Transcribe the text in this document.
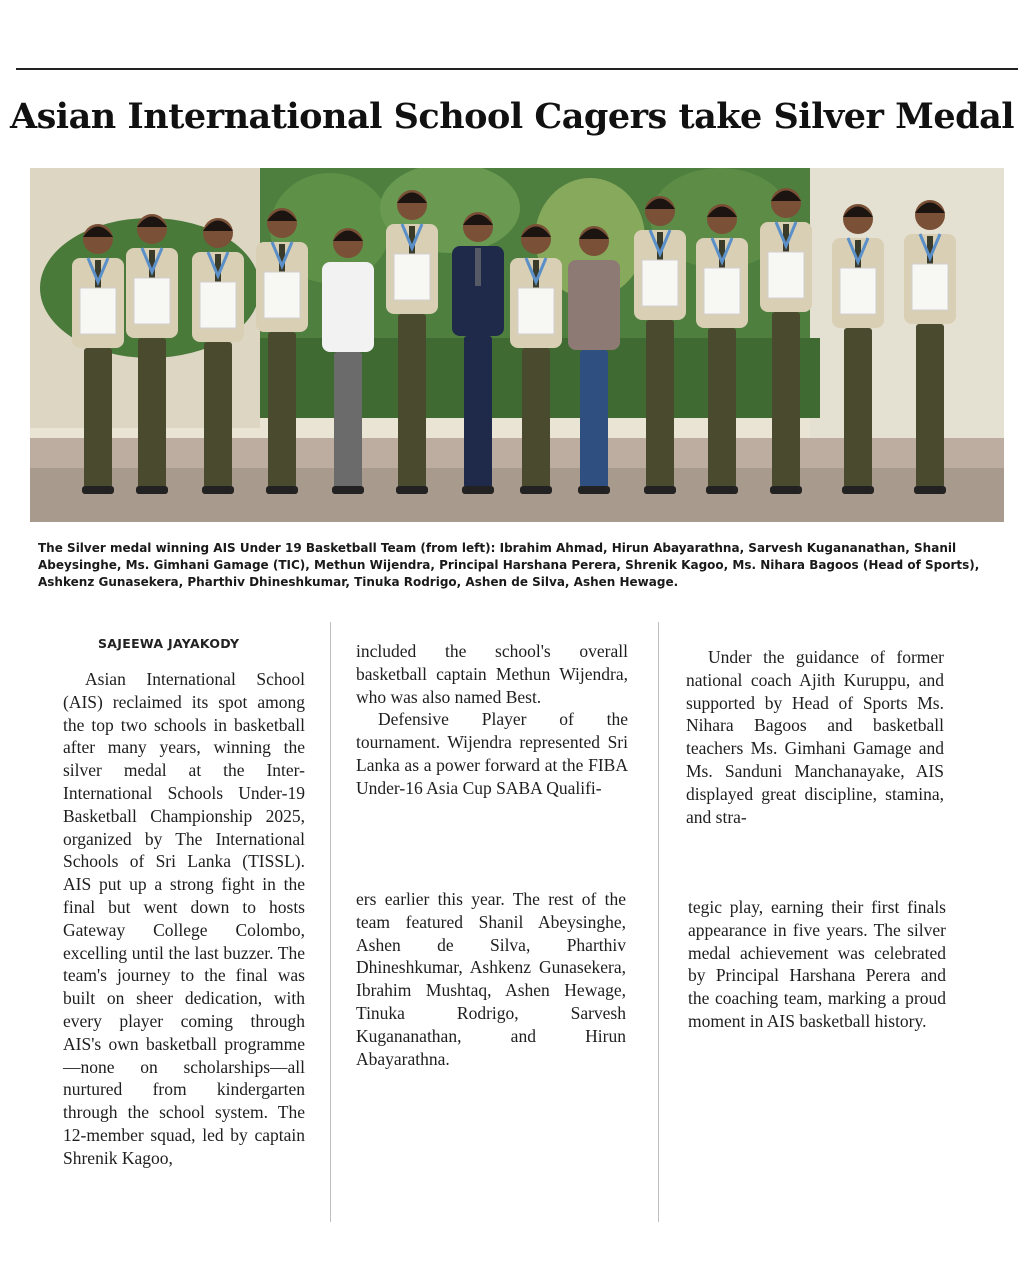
Asian International School Cagers take Silver Medal

The Silver medal winning AIS Under 19 Basketball Team (from left): Ibrahim Ahmad, Hirun Abayarathna, Sarvesh Kugananathan, Shanil Abeysinghe, Ms. Gimhani Gamage (TIC), Methun Wijendra, Principal Harshana Perera, Shrenik Kagoo, Ms. Nihara Bagoos (Head of Sports), Ashkenz Gunasekera, Pharthiv Dhineshkumar, Tinuka Rodrigo, Ashen de Silva, Ashen Hewage.

SAJEEWA JAYAKODY

Asian International School (AIS) reclaimed its spot among the top two schools in basketball after many years, winning the silver medal at the Inter-International Schools Under-19 Basketball Championship 2025, organized by The International Schools of Sri Lanka (TISSL). AIS put up a strong fight in the final but went down to hosts Gateway College Colombo, excelling until the last buzzer. The team's journey to the final was built on sheer dedication, with every player coming through AIS's own basketball programme—none on scholarships—all nurtured from kindergarten through the school system. The 12-member squad, led by captain Shrenik Kagoo,

included the school's overall basketball captain Methun Wijendra, who was also named Best.

Defensive Player of the tournament. Wijendra represented Sri Lanka as a power forward at the FIBA Under-16 Asia Cup SABA Qualifi-

ers earlier this year. The rest of the team featured Shanil Abeysinghe, Ashen de Silva, Pharthiv Dhineshkumar, Ashkenz Gunasekera, Ibrahim Mushtaq, Ashen Hewage, Tinuka Rodrigo, Sarvesh Kugananathan, and Hirun Abayarathna.

Under the guidance of former national coach Ajith Kuruppu, and supported by Head of Sports Ms. Nihara Bagoos and basketball teachers Ms. Gimhani Gamage and Ms. Sanduni Manchanayake, AIS displayed great discipline, stamina, and stra-

tegic play, earning their first finals appearance in five years. The silver medal achievement was celebrated by Principal Harshana Perera and the coaching team, marking a proud moment in AIS basketball history.
